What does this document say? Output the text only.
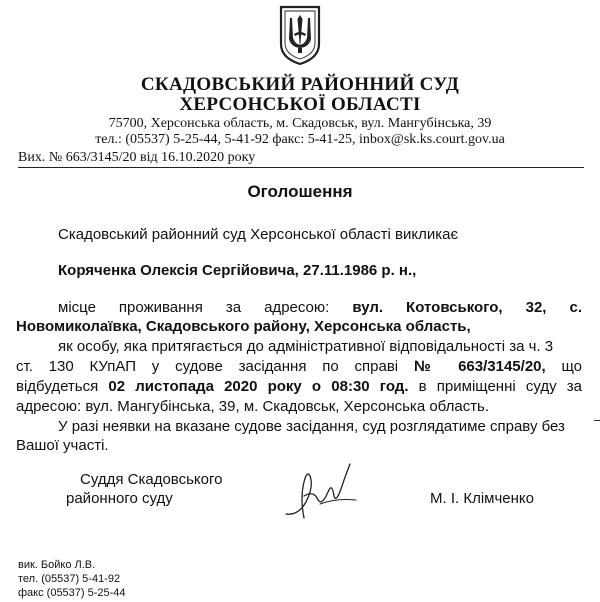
СКАДОВСЬКИЙ РАЙОННИЙ СУД
ХЕРСОНСЬКОЇ ОБЛАСТІ
75700, Херсонська область, м. Скадовськ, вул. Мангубінська, 39
тел.: (05537) 5-25-44, 5-41-92 факс: 5-41-25, inbox@sk.ks.court.gov.ua
Вих. № 663/3145/20 від 16.10.2020 року
Оголошення
Скадовський районний суд Херсонської області викликає
Коряченка Олексія Сергійовича, 27.11.1986 р. н.,
місце проживання за адресою: вул. Котовського, 32, с.
Новомиколаївка, Скадовського району, Херсонська область,
як особу, яка притягається до адміністративної відповідальності за ч. 3
ст. 130 КУпАП у судове засідання по справі № 663/3145/20, що
відбудеться 02 листопада 2020 року о 08:30 год. в приміщенні суду за
адресою: вул. Мангубінська, 39, м. Скадовськ, Херсонська область.
У разі неявки на вказане судове засідання, суд розглядатиме справу без
Вашої участі.
Суддя Скадовського
районного суду	М. І. Клімченко
вик. Бойко Л.В.
тел. (05537) 5-41-92
факс (05537) 5-25-44
